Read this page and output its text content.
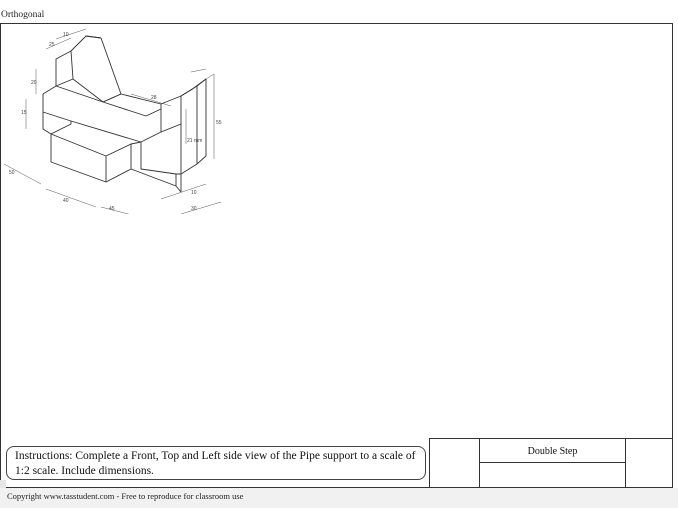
Orthogonal
10
25
20
15
50
40
45
10
30
55
28
21 mm
Instructions: Complete a Front, Top and Left side view of the Pipe support to a scale of 1:2 scale. Include dimensions.
Double Step
Copyright www.tasstudent.com - Free to reproduce for classroom use
